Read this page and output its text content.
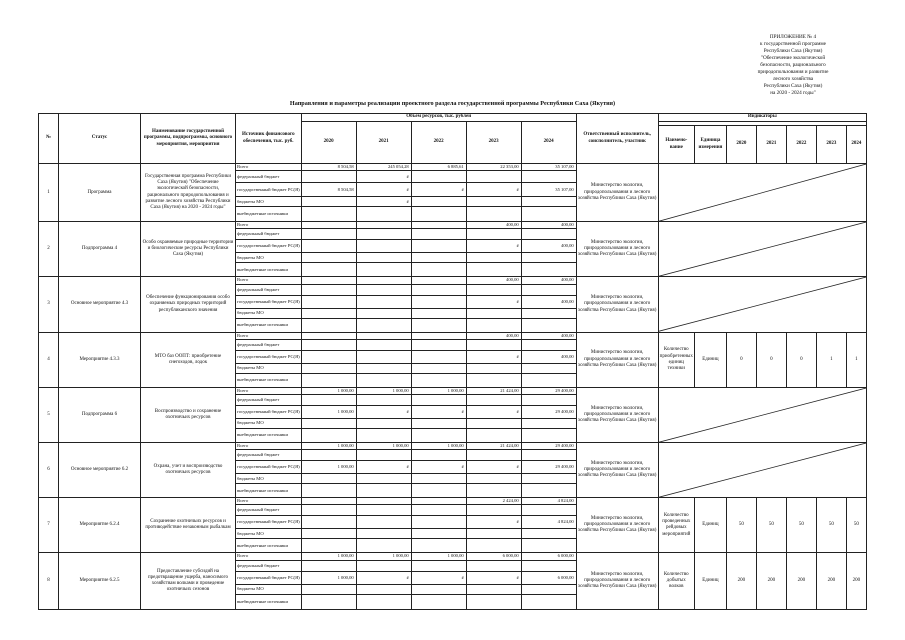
ПРИЛОЖЕНИЕ № 4
к государственной программе
Республики Саха (Якутия)
"Обеспечение экологической
безопасности, рационального
природопользования и развитие
лесного хозяйства
Республики Саха (Якутия)
на 2020 - 2024 годы"
Направления и параметры реализации проектного раздела государственной программы Республики Саха (Якутия)
№	Статус	Наименование государственной программы, подпрограммы, основного мероприятия, мероприятия	Источник финансового обеспечения, тыс. руб.	Объем ресурсов, тыс. рублей					Ответственный исполнитель, соисполнитель, участник	Индикаторы						
				2020	2021	2022	2023	2024								
										Наимено-вание	Единица измерения	2020	2021	2022	2023	2024
1	Программа	Государственная программа Республики Саха (Якутия) "Обеспечение экологической безопасности, рационального природопользования и развитие лесного хозяйства Республики Саха (Якутия) на 2020 - 2024 годы"	Всего	8 504,58	245 054,28	6 885,61	22 353,00	35 107,00	Министерство экологии, природопользования и лесного хозяйства Республики Саха (Якутия)	

			федеральный бюджет		#											
			государственный бюджет РС(Я)	8 504,58	#	#	#	35 107,00								
			бюджеты МО		#											
			внебюджетные источники													
2	Подпрограмма 4	Особо охраняемые природные территории и биологические ресурсы Республики Саха (Якутия)	Всего				400,00	400,00	Министерство экологии, природопользования и лесного хозяйства Республики Саха (Якутия)	

			федеральный бюджет													
			государственный бюджет РС(Я)				#	400,00								
			бюджеты МО													
			внебюджетные источники													
3	Основное мероприятие 4.3	Обеспечение функционирования особо охраняемых природных территорий республиканского значения	Всего				400,00	400,00	Министерство экологии, природопользования и лесного хозяйства Республики Саха (Якутия)	

			федеральный бюджет													
			государственный бюджет РС(Я)				#	400,00								
			бюджеты МО													
			внебюджетные источники													
4	Мероприятие 4.3.3	МТО баз ООПТ: приобретение снегоходов, лодок	Всего				400,00	400,00	Министерство экологии, природопользования и лесного хозяйства Республики Саха (Якутия)	Количество приобретенных единиц техники	Единиц	0	0	0	1	1
			федеральный бюджет													
			государственный бюджет РС(Я)				#	400,00								
			бюджеты МО													
			внебюджетные источники													
5	Подпрограмма 6	Воспроизводство и сохранение охотничьих ресурсов	Всего	1 000,00	1 000,00	1 000,00	21 424,00	29 400,00	Министерство экологии, природопользования и лесного хозяйства Республики Саха (Якутия)	

			федеральный бюджет													
			государственный бюджет РС(Я)	1 000,00	#	#	#	29 400,00								
			бюджеты МО													
			внебюджетные источники													
6	Основное мероприятие 6.2	Охрана, учет и воспроизводство охотничьих ресурсов	Всего	1 000,00	1 000,00	1 000,00	21 424,00	29 400,00	Министерство экологии, природопользования и лесного хозяйства Республики Саха (Якутия)	

			федеральный бюджет													
			государственный бюджет РС(Я)	1 000,00	#	#	#	29 400,00								
			бюджеты МО													
			внебюджетные источники													
7	Мероприятие 6.2.4	Сохранение охотничьих ресурсов и противодействие незаконным рыбалкам	Всего				2 424,00	4 824,00	Министерство экологии, природопользования и лесного хозяйства Республики Саха (Якутия)	Количество проведенных рейдовых мероприятий	Единиц	50	50	50	50	50
			федеральный бюджет													
			государственный бюджет РС(Я)				#	4 824,00								
			бюджеты МО													
			внебюджетные источники													
8	Мероприятие 6.2.5	Предоставление субсидий на предотвращение ущерба, наносимого хозяйствам волками и проведение охотничьих сезонов	Всего	1 000,00	1 000,00	1 000,00	6 000,00	6 000,00	Министерство экологии, природопользования и лесного хозяйства Республики Саха (Якутия)	Количество добытых волков	Единиц	200	200	200	200	200
			федеральный бюджет													
			государственный бюджет РС(Я)	1 000,00	#	#	#	6 000,00								
			бюджеты МО													
			внебюджетные источники													
